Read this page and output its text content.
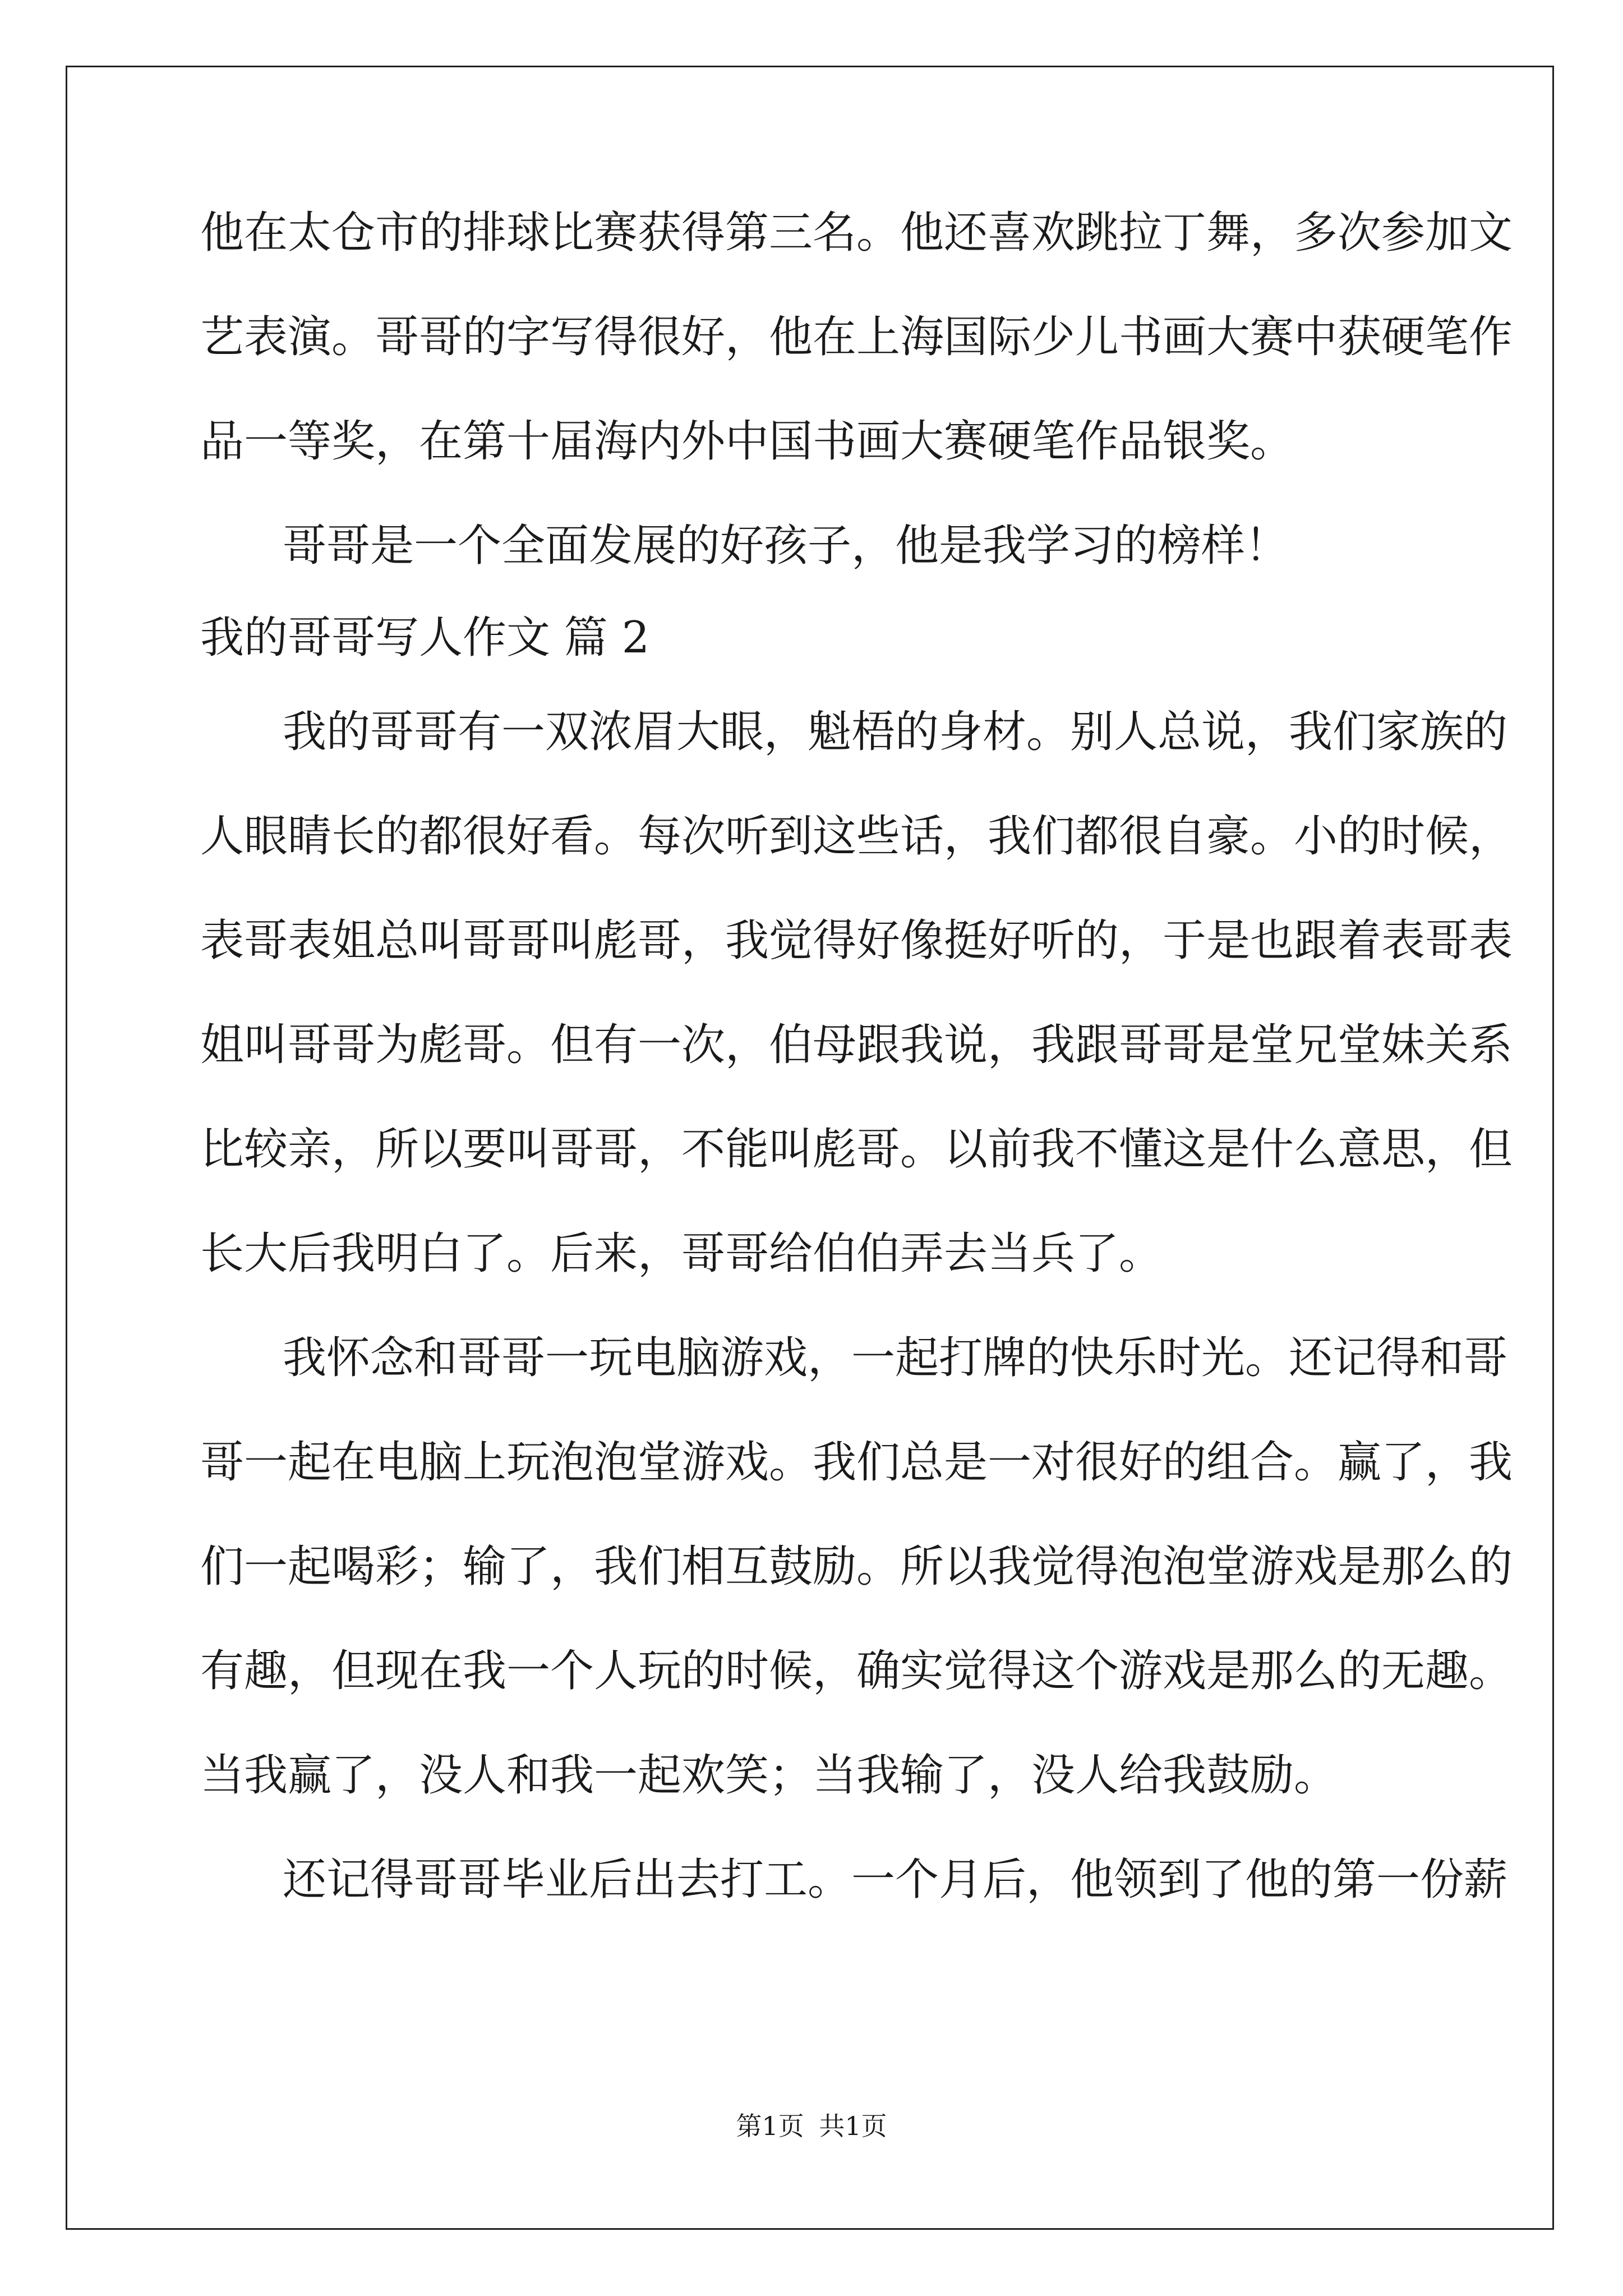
他在太仓市的排球比赛获得第三名。他还喜欢跳拉丁舞，多次参加文
艺表演。哥哥的字写得很好，他在上海国际少儿书画大赛中获硬笔作
品一等奖，在第十届海内外中国书画大赛硬笔作品银奖。
哥哥是一个全面发展的好孩子，他是我学习的榜样！
我的哥哥写人作文 篇 2
我的哥哥有一双浓眉大眼，魁梧的身材。别人总说，我们家族的
人眼睛长的都很好看。每次听到这些话，我们都很自豪。小的时候，
表哥表姐总叫哥哥叫彪哥，我觉得好像挺好听的，于是也跟着表哥表
姐叫哥哥为彪哥。但有一次，伯母跟我说，我跟哥哥是堂兄堂妹关系
比较亲，所以要叫哥哥，不能叫彪哥。以前我不懂这是什么意思，但
长大后我明白了。后来，哥哥给伯伯弄去当兵了。
我怀念和哥哥一玩电脑游戏，一起打牌的快乐时光。还记得和哥
哥一起在电脑上玩泡泡堂游戏。我们总是一对很好的组合。赢了，我
们一起喝彩；输了，我们相互鼓励。所以我觉得泡泡堂游戏是那么的
有趣，但现在我一个人玩的时候，确实觉得这个游戏是那么的无趣。
当我赢了，没人和我一起欢笑；当我输了，没人给我鼓励。
还记得哥哥毕业后出去打工。一个月后，他领到了他的第一份薪
第1页 共1页
